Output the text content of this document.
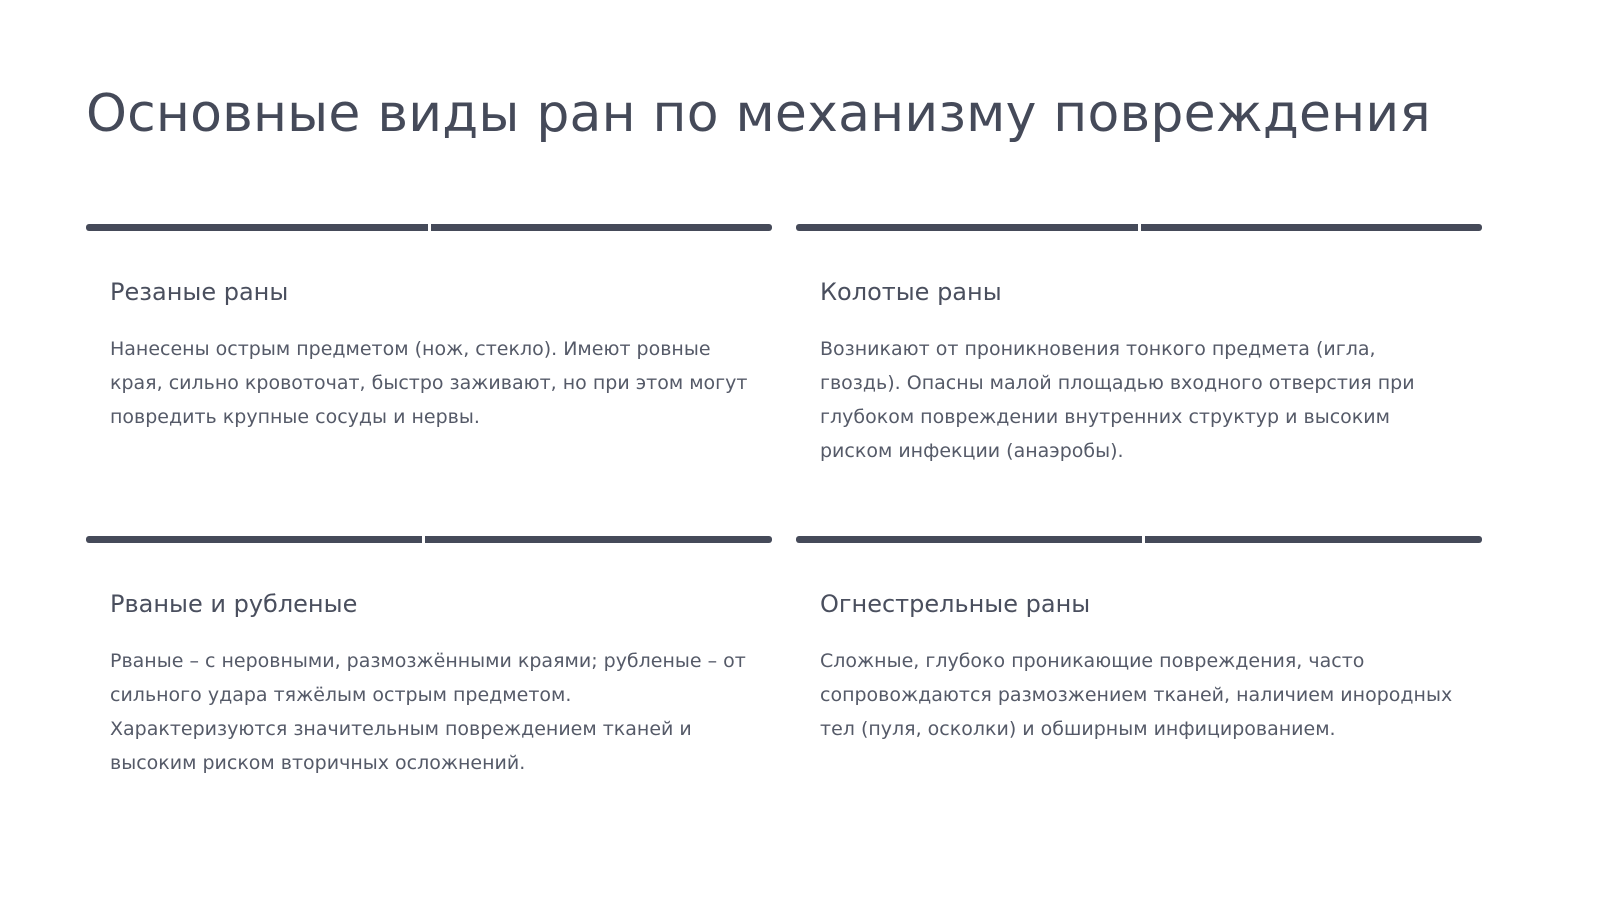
Основные виды ран по механизму повреждения
Резаные раны

Нанесены острым предметом (нож, стекло). Имеют ровные края, сильно кровоточат, быстро заживают, но при этом могут повредить крупные сосуды и нервы.

Колотые раны

Возникают от проникновения тонкого предмета (игла, гвоздь). Опасны малой площадью входного отверстия при глубоком повреждении внутренних структур и высоким риском инфекции (анаэробы).

Рваные и рубленые

Рваные – с неровными, размозжёнными краями; рубленые – от сильного удара тяжёлым острым предметом. Характеризуются значительным повреждением тканей и высоким риском вторичных осложнений.

Огнестрельные раны

Сложные, глубоко проникающие повреждения, часто сопровождаются размозжением тканей, наличием инородных тел (пуля, осколки) и обширным инфицированием.
